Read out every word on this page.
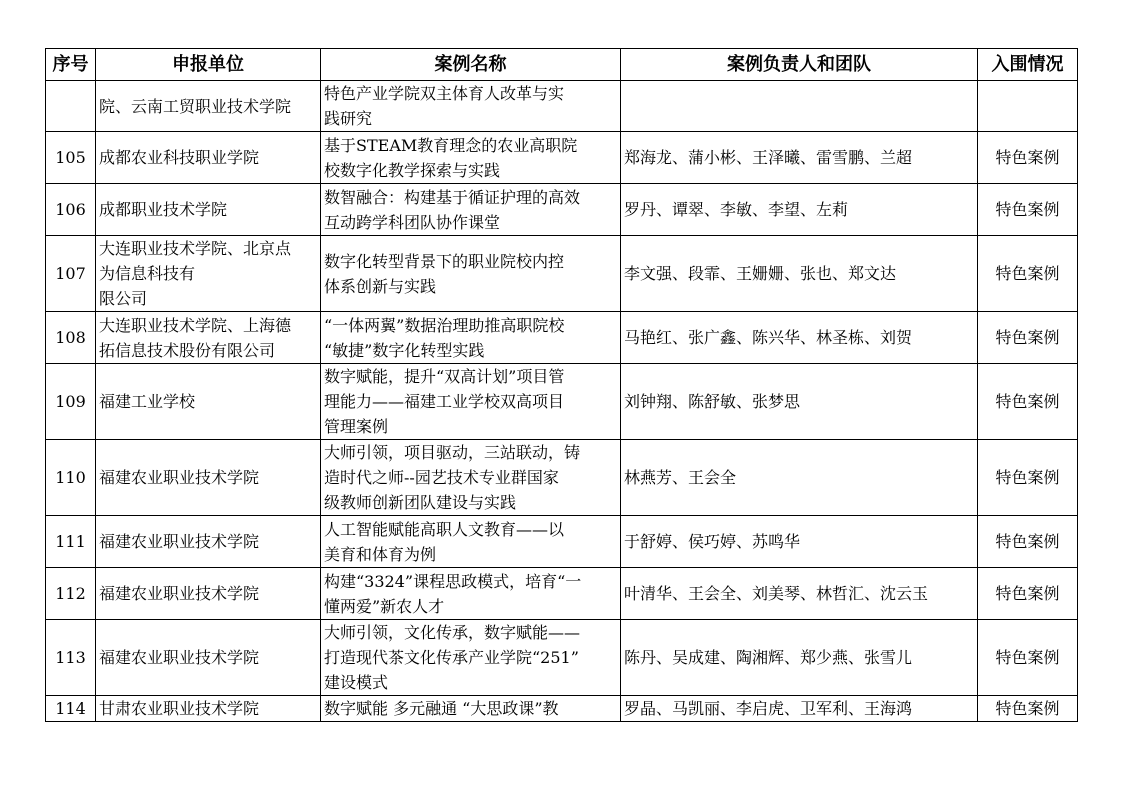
序号	申报单位	案例名称	案例负责人和团队	入围情况

	院、云南工贸职业技术学院	特色产业学院双主体育人改革与实
践研究		

105	成都农业科技职业学院	基于STEAM教育理念的农业高职院
校数字化教学探索与实践	郑海龙、蒲小彬、王泽曦、雷雪鹏、兰超	特色案例
106	成都职业技术学院	数智融合：构建基于循证护理的高效
互动跨学科团队协作课堂	罗丹、谭翠、李敏、李望、左莉	特色案例
107	大连职业技术学院、北京点
为信息科技有
限公司	数字化转型背景下的职业院校内控
体系创新与实践	李文强、段霏、王姗姗、张也、郑文达	特色案例
108	大连职业技术学院、上海德
拓信息技术股份有限公司	“一体两翼”数据治理助推高职院校
“敏捷”数字化转型实践	马艳红、张广鑫、陈兴华、林圣栋、刘贺	特色案例
109	福建工业学校	数字赋能，提升“双高计划”项目管
理能力——福建工业学校双高项目
管理案例	刘钟翔、陈舒敏、张梦思	特色案例
110	福建农业职业技术学院	大师引领，项目驱动，三站联动，铸
造时代之师--园艺技术专业群国家
级教师创新团队建设与实践	林燕芳、王会全	特色案例
111	福建农业职业技术学院	人工智能赋能高职人文教育——以
美育和体育为例	于舒婷、侯巧婷、苏鸣华	特色案例
112	福建农业职业技术学院	构建“3324”课程思政模式，培育“一
懂两爱”新农人才	叶清华、王会全、刘美琴、林哲汇、沈云玉	特色案例
113	福建农业职业技术学院	大师引领，文化传承，数字赋能——
打造现代茶文化传承产业学院“251”
建设模式	陈丹、吴成建、陶湘辉、郑少燕、张雪儿	特色案例
114	甘肃农业职业技术学院	数字赋能 多元融通 “大思政课”教	罗晶、马凯丽、李启虎、卫军利、王海鸿	特色案例
